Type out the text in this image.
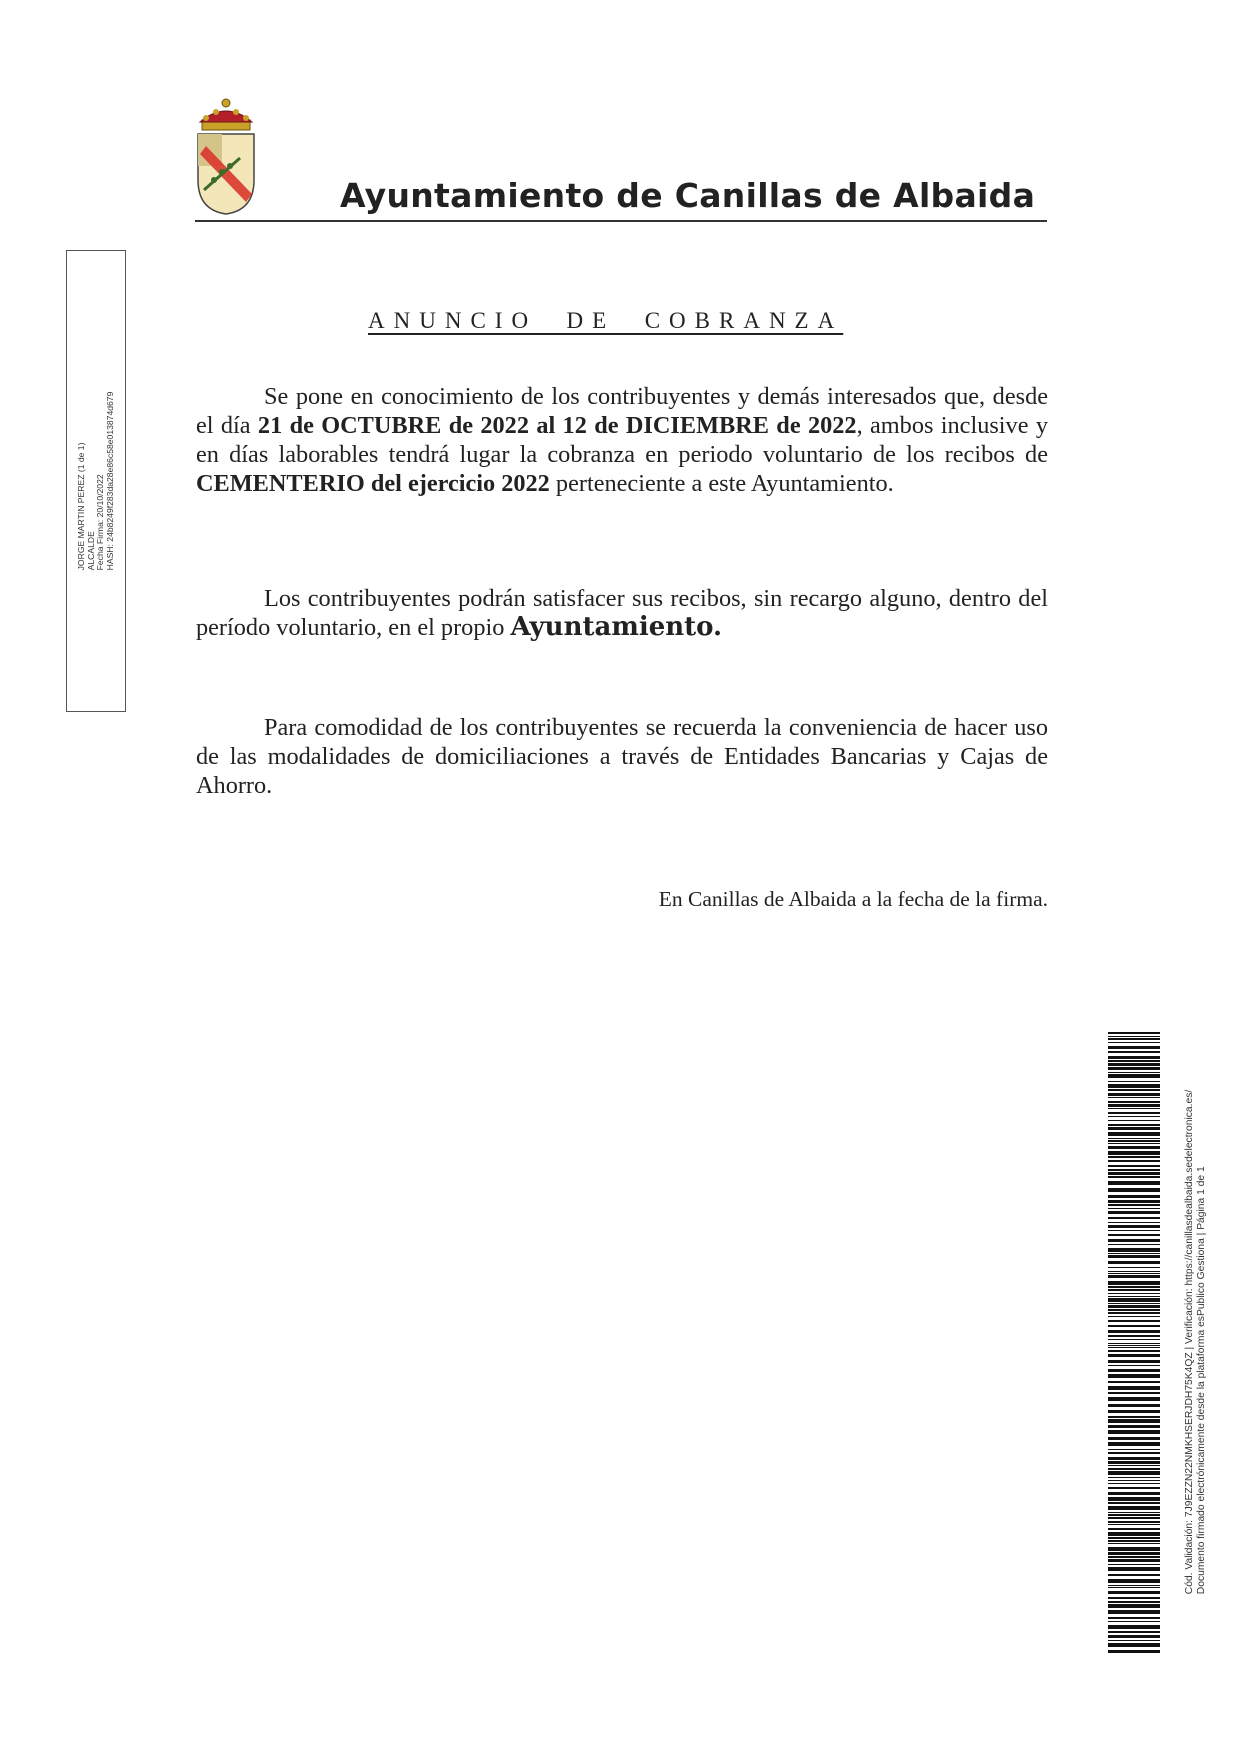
Ayuntamiento de Canillas de Albaida
JORGE MARTIN PEREZ (1 de 1) ALCALDE Fecha Firma: 20/10/2022 HASH: 24b8249f283da28e86c58e013874d679
ANUNCIO  DE  COBRANZA
Se pone en conocimiento de los contribuyentes y demás interesados que, desde el día 21 de OCTUBRE de 2022 al 12 de DICIEMBRE de 2022, ambos inclusive y en días laborables tendrá lugar la cobranza en periodo voluntario de los recibos de CEMENTERIO del ejercicio 2022 perteneciente a este Ayuntamiento.
Los contribuyentes podrán satisfacer sus recibos, sin recargo alguno, dentro del período voluntario, en el propio Ayuntamiento.
Para comodidad de los contribuyentes se recuerda la conveniencia de hacer uso de las modalidades de domiciliaciones a través de Entidades Bancarias y Cajas de Ahorro.
En Canillas de Albaida a la fecha de la firma.
Cód. Validación: 7J9EZZN22NMKHSERJDH75K4QZ | Verificación: https://canillasdealbaida.sedelectronica.es/ Documento firmado electrónicamente desde la plataforma esPublico Gestiona | Página 1 de 1
